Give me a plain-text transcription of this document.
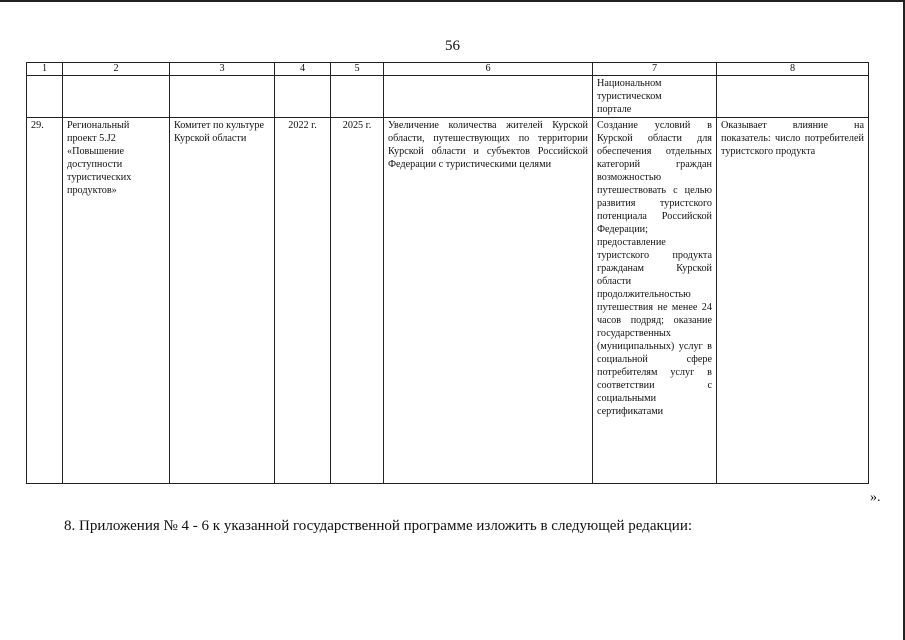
56
1	2	3	4	5	6	7	8
						Национальном туристическом портале	
29.	Региональный проект 5.J2 «Повышение доступности туристических продуктов»	Комитет по культуре Курской области	2022 г.	2025 г.	Увеличение количества жителей Курской области, путешествующих по территории Курской области и субъектов Российской Федерации с туристическими целями	Создание условий в Курской области для обеспечения отдельных категорий граждан возможностью путешествовать с целью развития туристского потенциала Российской Федерации; предоставление туристского продукта гражданам Курской области продолжительностью путешествия не менее 24 часов подряд; оказание государственных (муниципальных) услуг в социальной сфере потребителям услуг в соответствии с социальными сертификатами	Оказывает влияние на показатель: число потребителей туристского продукта
».
8. Приложения № 4 - 6 к указанной государственной программе изложить в следующей редакции:
